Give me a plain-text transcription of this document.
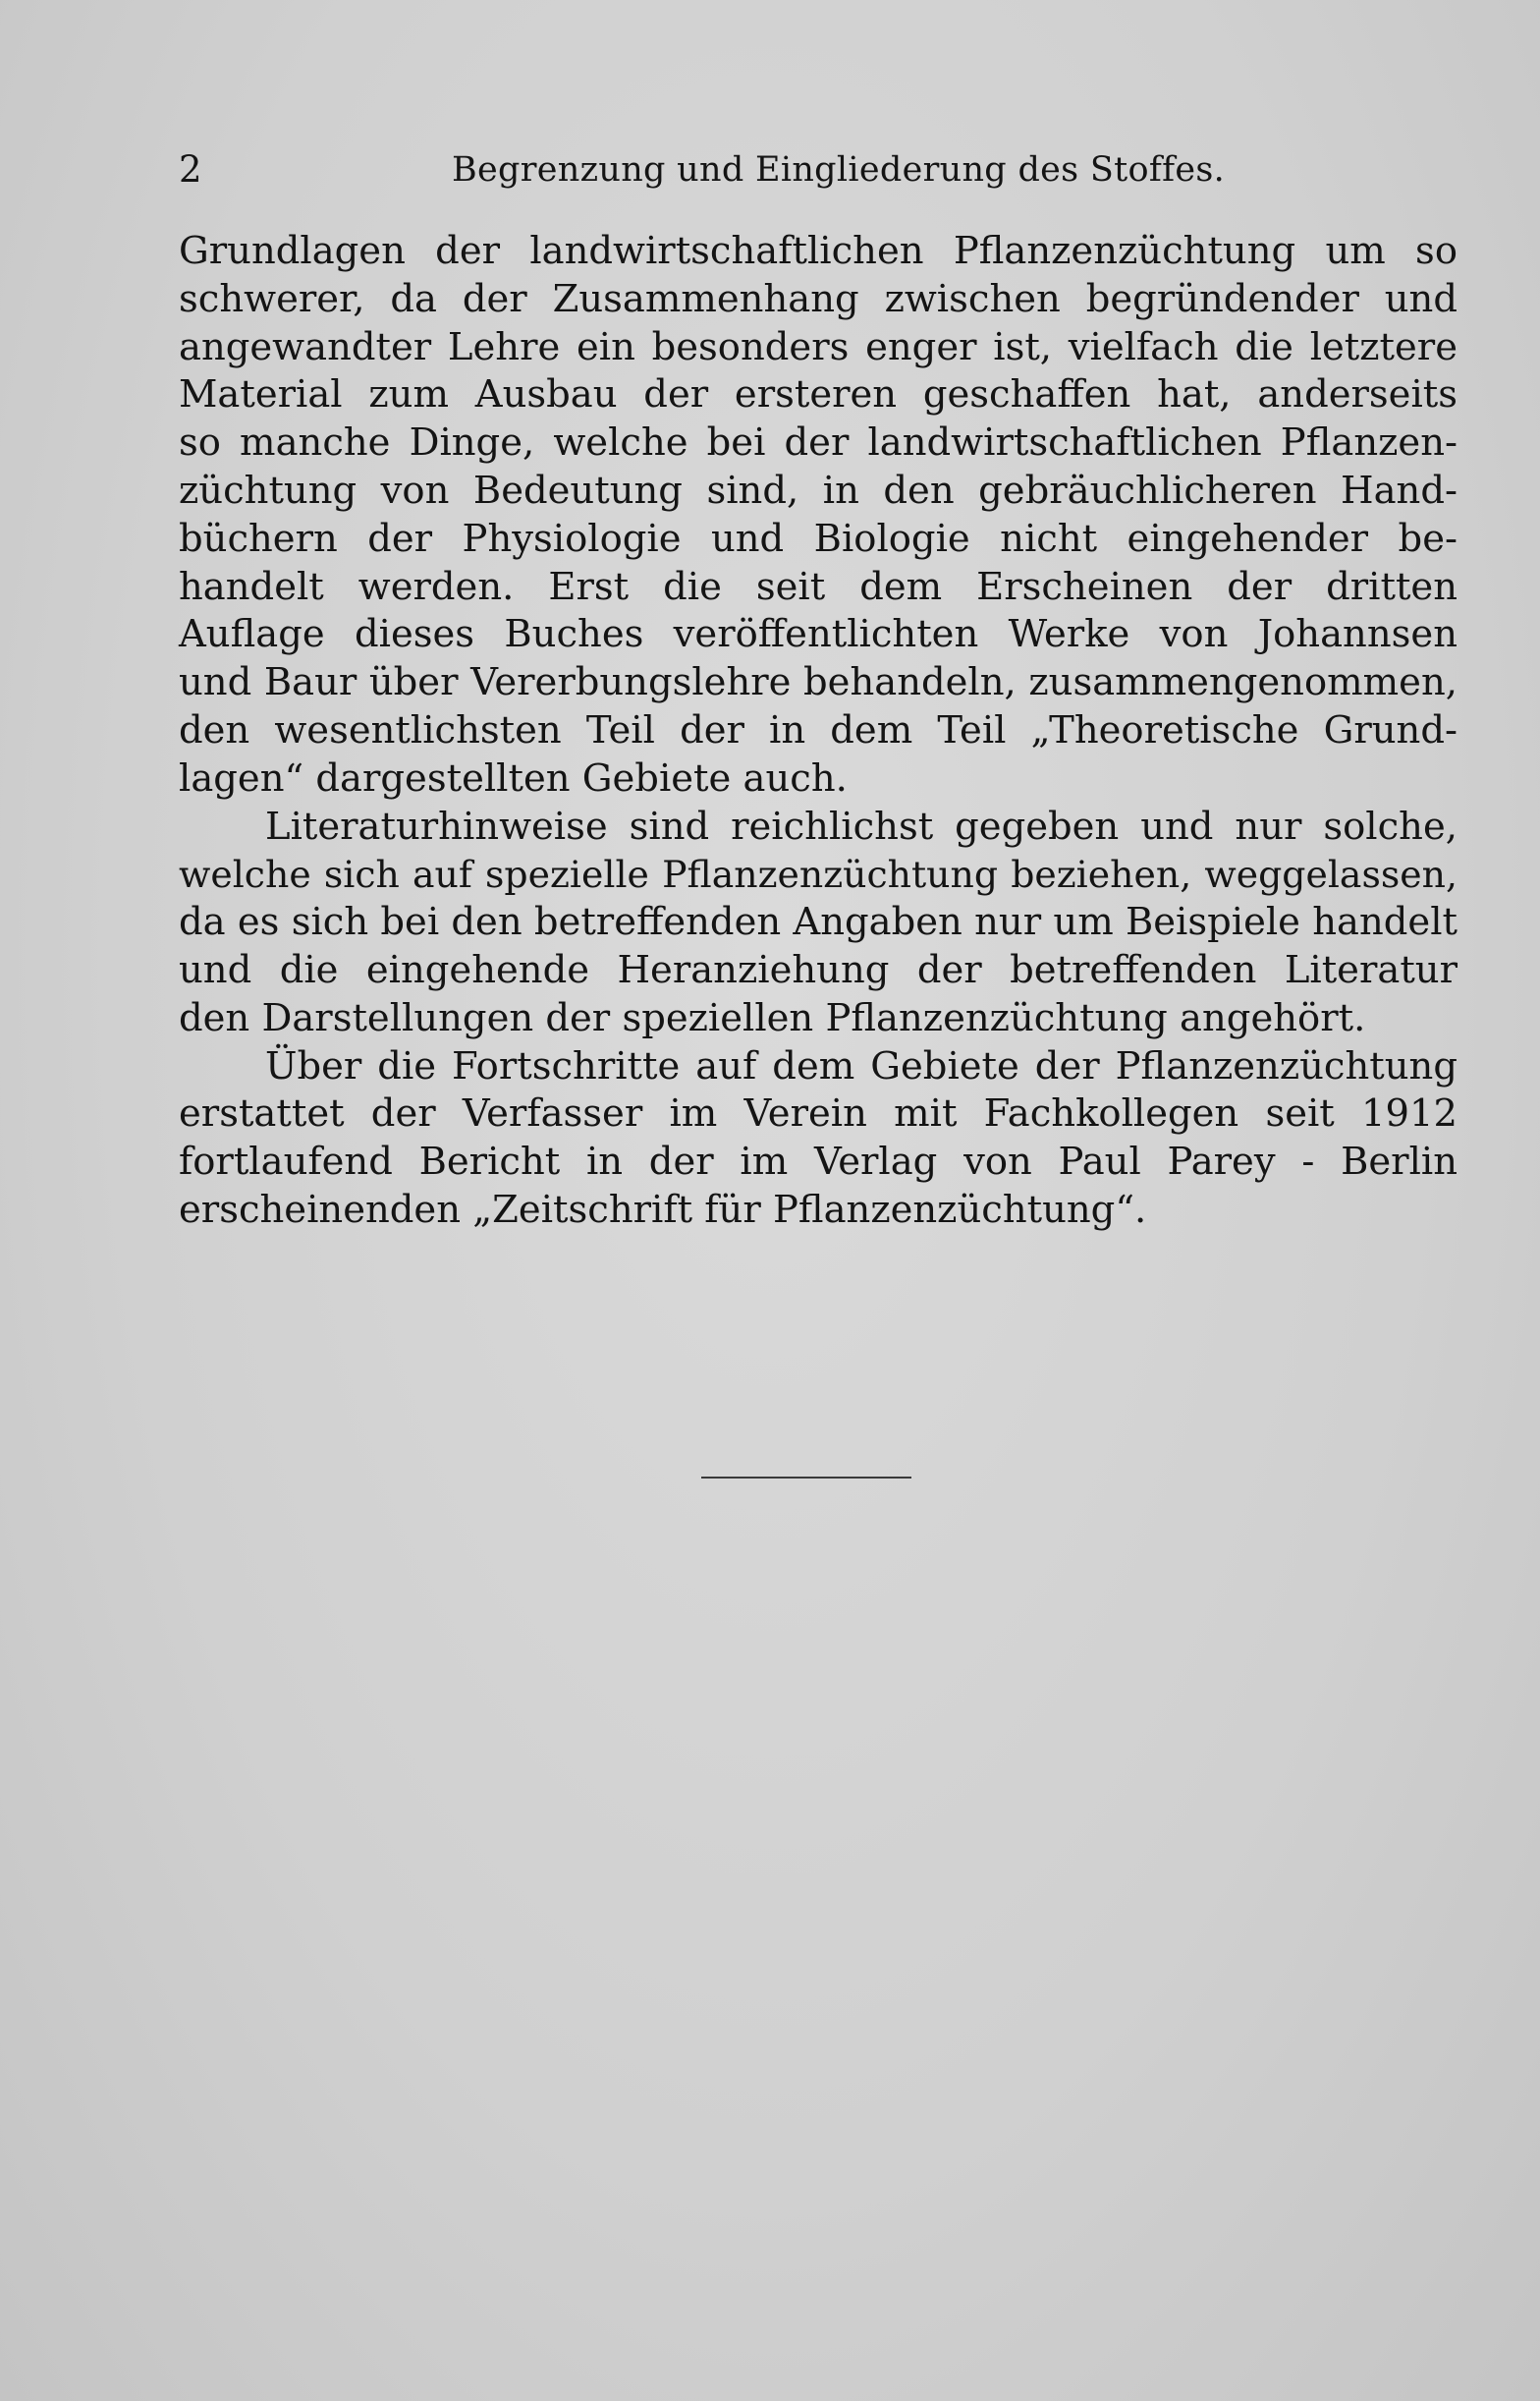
2	Begrenzung und Eingliederung des Stoffes.
Grundlagen der landwirtschaftlichen Pflanzenzüchtung um so
schwerer, da der Zusammenhang zwischen begründender und
angewandter Lehre ein besonders enger ist, vielfach die letztere
Material zum Ausbau der ersteren geschaffen hat, anderseits
so manche Dinge, welche bei der landwirtschaftlichen Pflanzen-
züchtung von Bedeutung sind, in den gebräuchlicheren Hand-
büchern der Physiologie und Biologie nicht eingehender be-
handelt werden. Erst die seit dem Erscheinen der dritten
Auflage dieses Buches veröffentlichten Werke von Johannsen
und Baur über Vererbungslehre behandeln, zusammengenommen,
den wesentlichsten Teil der in dem Teil „Theoretische Grund-
lagen“ dargestellten Gebiete auch.
Literaturhinweise sind reichlichst gegeben und nur solche,
welche sich auf spezielle Pflanzenzüchtung beziehen, weggelassen,
da es sich bei den betreffenden Angaben nur um Beispiele handelt
und die eingehende Heranziehung der betreffenden Literatur
den Darstellungen der speziellen Pflanzenzüchtung angehört.
Über die Fortschritte auf dem Gebiete der Pflanzenzüchtung
erstattet der Verfasser im Verein mit Fachkollegen seit 1912
fortlaufend Bericht in der im Verlag von Paul Parey - Berlin
erscheinenden „Zeitschrift für Pflanzenzüchtung“.
